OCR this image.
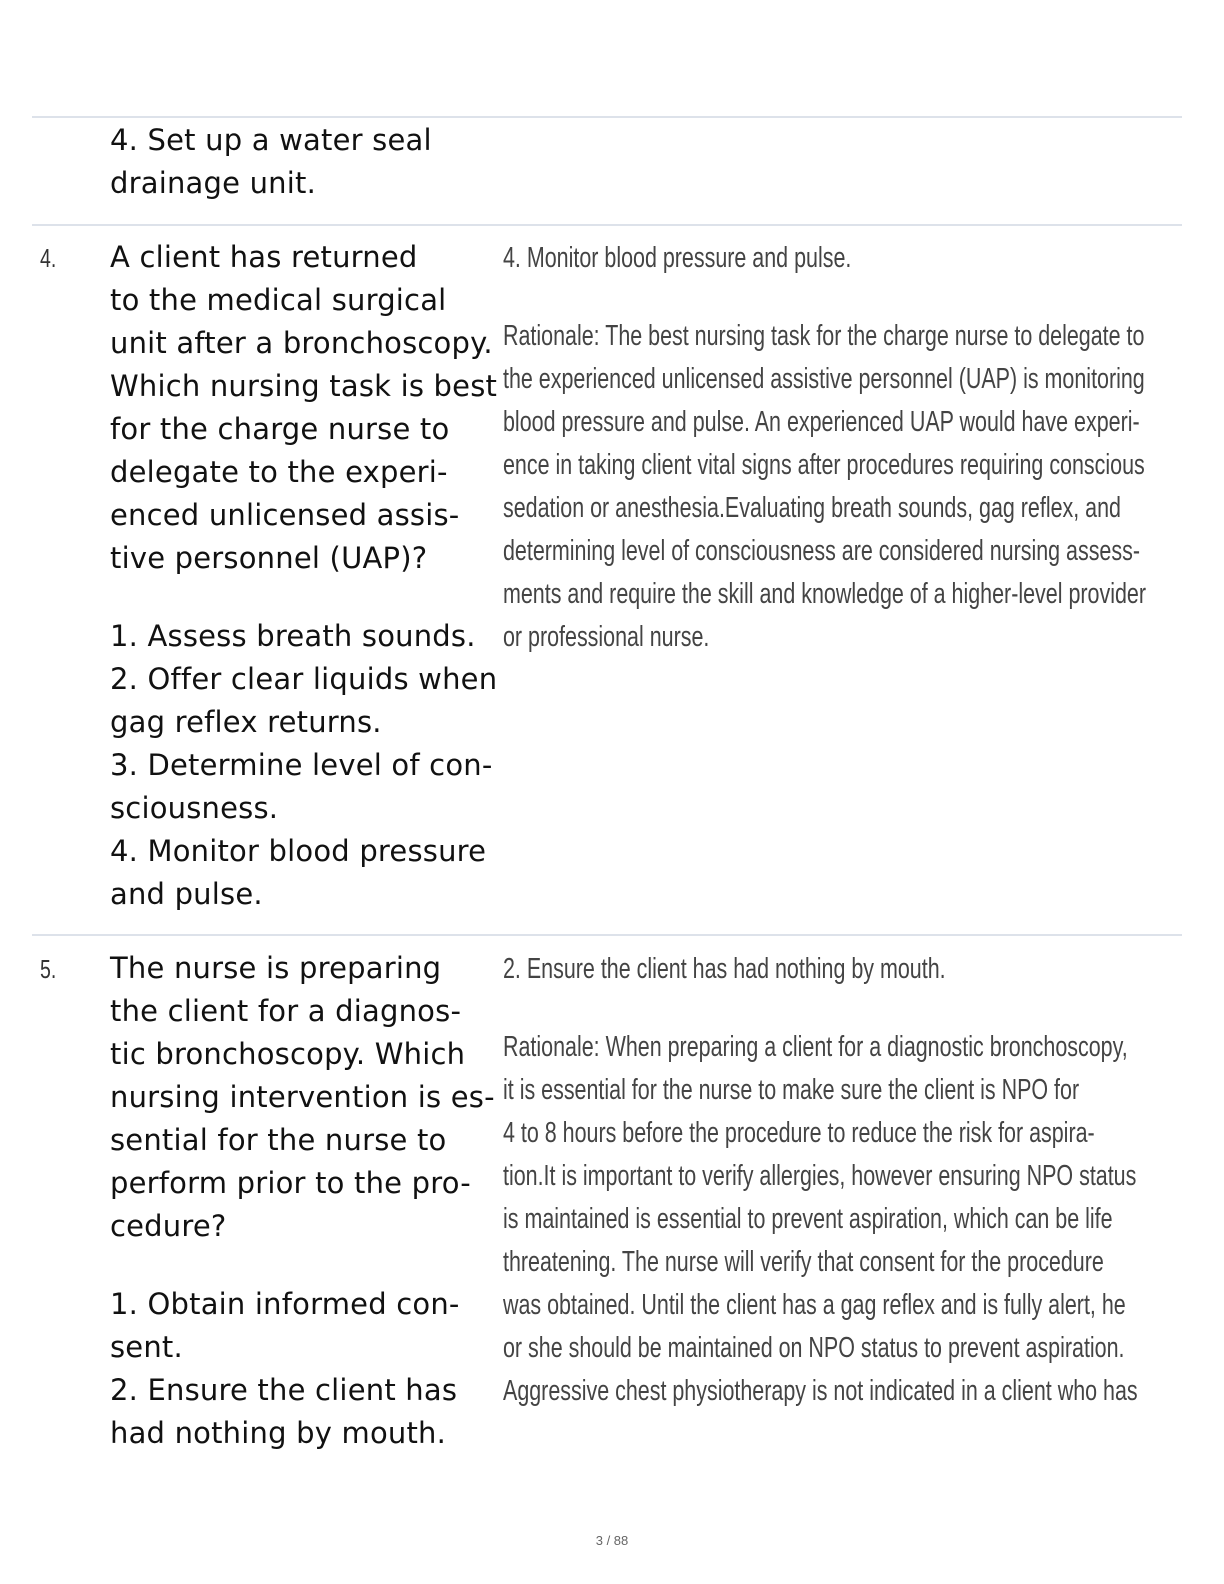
4. Set up a water seal
drainage unit.
4. A client has returned
to the medical surgical
unit after a bronchoscopy.
Which nursing task is best
for the charge nurse to
delegate to the experi-
enced unlicensed assis-
tive personnel (UAP)?
1. Assess breath sounds.
2. Offer clear liquids when
gag reflex returns.
3. Determine level of con-
sciousness.
4. Monitor blood pressure
and pulse.
4. Monitor blood pressure and pulse.
Rationale: The best nursing task for the charge nurse to delegate to
the experienced unlicensed assistive personnel (UAP) is monitoring
blood pressure and pulse. An experienced UAP would have experi-
ence in taking client vital signs after procedures requiring conscious
sedation or anesthesia.Evaluating breath sounds, gag reflex, and
determining level of consciousness are considered nursing assess-
ments and require the skill and knowledge of a higher-level provider
or professional nurse.
5. The nurse is preparing
the client for a diagnos-
tic bronchoscopy. Which
nursing intervention is es-
sential for the nurse to
perform prior to the pro-
cedure?
1. Obtain informed con-
sent.
2. Ensure the client has
had nothing by mouth.
2. Ensure the client has had nothing by mouth.
Rationale: When preparing a client for a diagnostic bronchoscopy,
it is essential for the nurse to make sure the client is NPO for
4 to 8 hours before the procedure to reduce the risk for aspira-
tion.It is important to verify allergies, however ensuring NPO status
is maintained is essential to prevent aspiration, which can be life
threatening. The nurse will verify that consent for the procedure
was obtained. Until the client has a gag reflex and is fully alert, he
or she should be maintained on NPO status to prevent aspiration.
Aggressive chest physiotherapy is not indicated in a client who has
3 / 88
